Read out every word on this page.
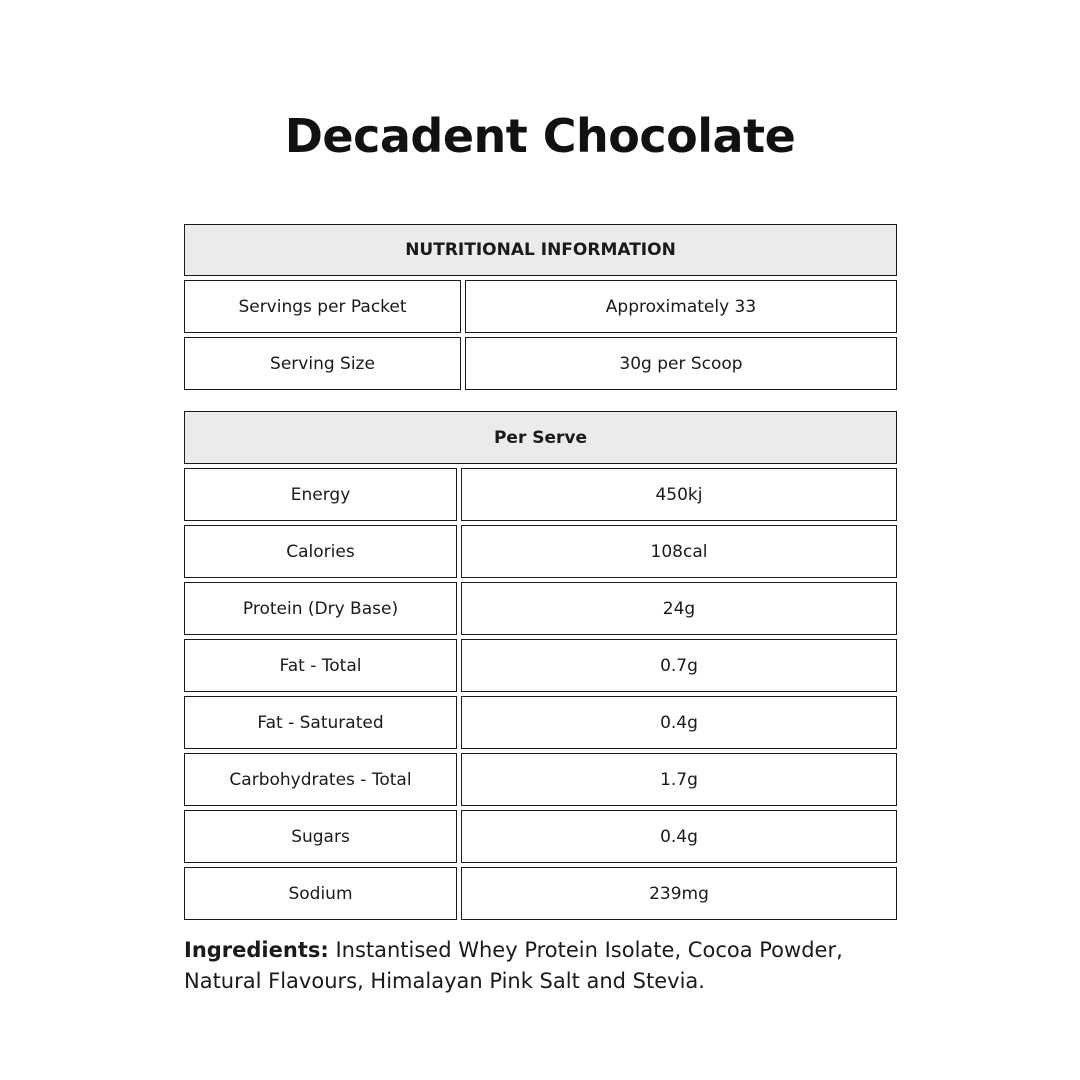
Decadent Chocolate
NUTRITIONAL INFORMATION
Servings per Packet	Approximately 33
Serving Size	30g per Scoop
Per Serve
Energy	450kj
Calories	108cal
Protein (Dry Base)	24g
Fat - Total	0.7g
Fat - Saturated	0.4g
Carbohydrates - Total	1.7g
Sugars	0.4g
Sodium	239mg

Ingredients: Instantised Whey Protein Isolate, Cocoa Powder, Natural Flavours, Himalayan Pink Salt and Stevia.
